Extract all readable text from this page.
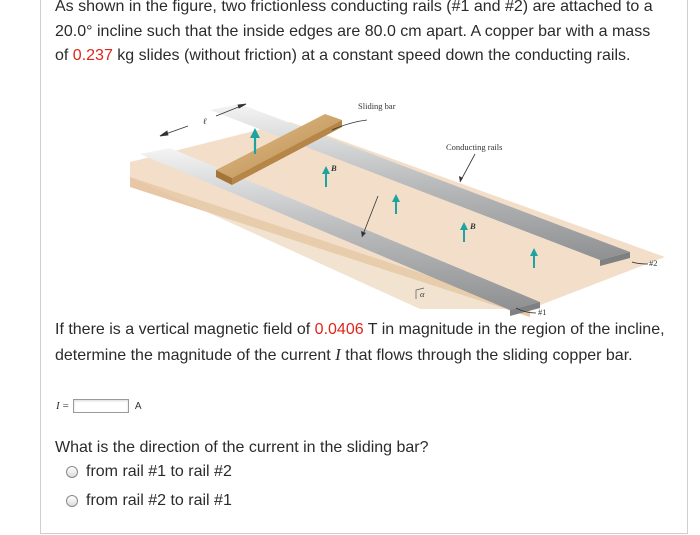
As shown in the figure, two frictionless conducting rails (#1 and #2) are attached to a 20.0° incline such that the inside edges are 80.0 cm apart. A copper bar with a mass of 0.237 kg slides (without friction) at a constant speed down the conducting rails.
ℓ
Sliding bar
Conducting rails
B
B
α
#2
#1
If there is a vertical magnetic field of 0.0406 T in magnitude in the region of the incline, determine the magnitude of the current I that flows through the sliding copper bar.
I =	A
What is the direction of the current in the sliding bar?
from rail #1 to rail #2
from rail #2 to rail #1
